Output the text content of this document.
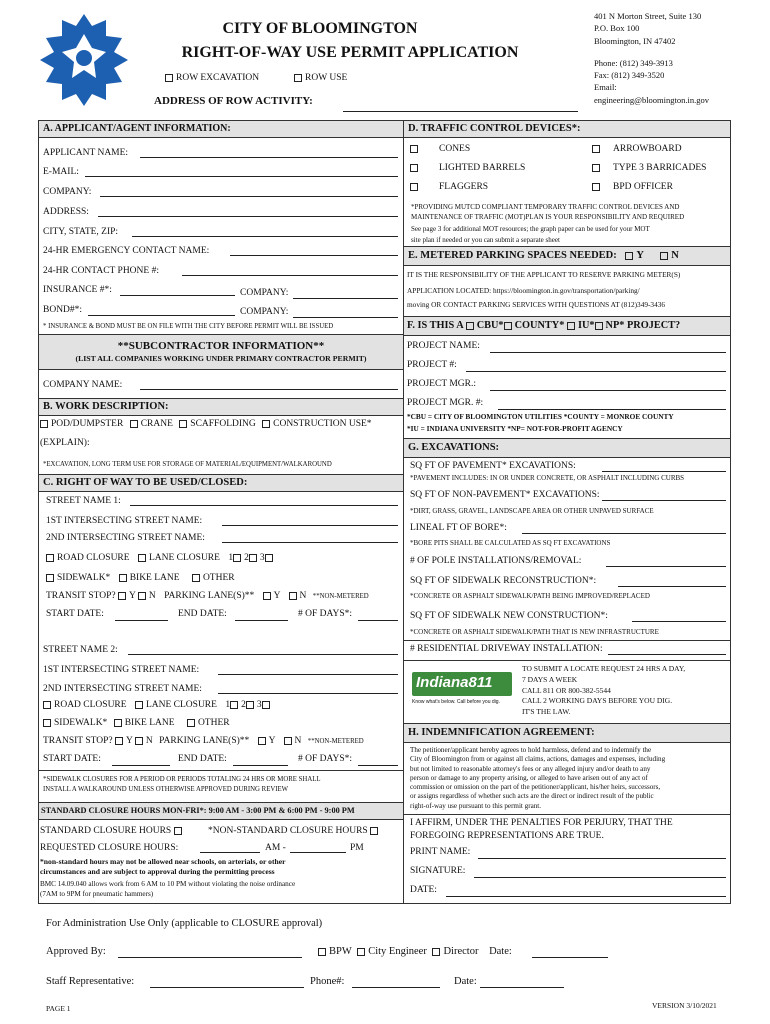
CITY OF BLOOMINGTON
RIGHT-OF-WAY USE PERMIT APPLICATION
ROW EXCAVATION	ROW USE
ADDRESS OF ROW ACTIVITY:
401 N Morton Street, Suite 130
P.O. Box 100
Bloomington, IN 47402
Phone: (812) 349-3913
Fax: (812) 349-3520
Email:
engineering@bloomington.in.gov
A. APPLICANT/AGENT INFORMATION:
APPLICANT NAME:
E-MAIL:
COMPANY:
ADDRESS:
CITY, STATE, ZIP:
24-HR EMERGENCY CONTACT NAME:
24-HR CONTACT PHONE #:
INSURANCE #*:	COMPANY:
BOND#*:	COMPANY:
* INSURANCE & BOND MUST BE ON FILE WITH THE CITY BEFORE PERMIT WILL BE ISSUED
**SUBCONTRACTOR INFORMATION**
(LIST ALL COMPANIES WORKING UNDER PRIMARY CONTRACTOR PERMIT)
COMPANY NAME:
B. WORK DESCRIPTION:
POD/DUMPSTER CRANE SCAFFOLDING CONSTRUCTION USE*
(EXPLAIN):
*EXCAVATION, LONG TERM USE FOR STORAGE OF MATERIAL/EQUIPMENT/WALKAROUND
C. RIGHT OF WAY TO BE USED/CLOSED:
STREET NAME 1:
1ST INTERSECTING STREET NAME:
2ND INTERSECTING STREET NAME:
ROAD CLOSURE LANE CLOSURE 1 2 3
SIDEWALK* BIKE LANE OTHER
TRANSIT STOP? Y N PARKING LANE(S)** Y N **NON-METERED
START DATE:	END DATE:	# OF DAYS*:
STREET NAME 2:
1ST INTERSECTING STREET NAME:
2ND INTERSECTING STREET NAME:
ROAD CLOSURE LANE CLOSURE 1 2 3
SIDEWALK* BIKE LANE OTHER
TRANSIT STOP? Y N PARKING LANE(S)** Y N **NON-METERED
START DATE:	END DATE:	# OF DAYS*:
*SIDEWALK CLOSURES FOR A PERIOD OR PERIODS TOTALING 24 HRS OR MORE SHALL
INSTALL A WALKAROUND UNLESS OTHERWISE APPROVED DURING REVIEW
STANDARD CLOSURE HOURS MON-FRI*: 9:00 AM - 3:00 PM & 6:00 PM - 9:00 PM
STANDARD CLOSURE HOURS	*NON-STANDARD CLOSURE HOURS
REQUESTED CLOSURE HOURS:	AM -	PM
*non-standard hours may not be allowed near schools, on arterials, or other
circumstances and are subject to approval during the permitting process
BMC 14.09.040 allows work from 6 AM to 10 PM without violating the noise ordinance
(7AM to 9PM for pneumatic hammers)
D. TRAFFIC CONTROL DEVICES*:
CONES	ARROWBOARD
LIGHTED BARRELS	TYPE 3 BARRICADES
FLAGGERS	BPD OFFICER
*PROVIDING MUTCD COMPLIANT TEMPORARY TRAFFIC CONTROL DEVICES AND
MAINTENANCE OF TRAFFIC (MOT)PLAN IS YOUR RESPONSIBILITY AND REQUIRED
See page 3 for additional MOT resources; the graph paper can be used for your MOT
site plan if needed or you can submit a separate sheet
E. METERED PARKING SPACES NEEDED: Y	N
IT IS THE RESPONSIBILITY OF THE APPLICANT TO RESERVE PARKING METER(S)
APPLICATION LOCATED: https://bloomington.in.gov/transportation/parking/
moving OR CONTACT PARKING SERVICES WITH QUESTIONS AT (812)349-3436
F. IS THIS A CBU* COUNTY* IU* NP* PROJECT?
PROJECT NAME:
PROJECT #:
PROJECT MGR.:
PROJECT MGR. #:
*CBU = CITY OF BLOOMINGTON UTILITIES *COUNTY = MONROE COUNTY
*IU = INDIANA UNIVERSITY *NP= NOT-FOR-PROFIT AGENCY
G. EXCAVATIONS:
SQ FT OF PAVEMENT* EXCAVATIONS:
*PAVEMENT INCLUDES: IN OR UNDER CONCRETE, OR ASPHALT INCLUDING CURBS
SQ FT OF NON-PAVEMENT* EXCAVATIONS:
*DIRT, GRASS, GRAVEL, LANDSCAPE AREA OR OTHER UNPAVED SURFACE
LINEAL FT OF BORE*:
*BORE PITS SHALL BE CALCULATED AS SQ FT EXCAVATIONS
# OF POLE INSTALLATIONS/REMOVAL:
SQ FT OF SIDEWALK RECONSTRUCTION*:
*CONCRETE OR ASPHALT SIDEWALK/PATH BEING IMPROVED/REPLACED
SQ FT OF SIDEWALK NEW CONSTRUCTION*:
*CONCRETE OR ASPHALT SIDEWALK/PATH THAT IS NEW INFRASTRUCTURE
# RESIDENTIAL DRIVEWAY INSTALLATION:
Indiana811
Know what's below. Call before you dig.
TO SUBMIT A LOCATE REQUEST 24 HRS A DAY,
7 DAYS A WEEK
CALL 811 OR 800-382-5544
CALL 2 WORKING DAYS BEFORE YOU DIG.
IT'S THE LAW.
H. INDEMNIFICATION AGREEMENT:
The petitioner/applicant hereby agrees to hold harmless, defend and to indemnify the
City of Bloomington from or against all claims, actions, damages and expenses, including
but not limited to reasonable attorney's fees or any alleged injury and/or death to any
person or damage to any property arising, or alleged to have arisen out of any act of
commission or omission on the part of the petitioner/applicant, his/her heirs, successors,
or assigns regardless of whether such acts are the direct or indirect result of the public
right-of-way use pursuant to this permit grant.
I AFFIRM, UNDER THE PENALTIES FOR PERJURY, THAT THE
FOREGOING REPRESENTATIONS ARE TRUE.
PRINT NAME:
SIGNATURE:
DATE:
For Administration Use Only (applicable to CLOSURE approval)
Approved By:	BPW City Engineer Director Date:
Staff Representative:	Phone#:	Date:
PAGE 1	VERSION 3/10/2021
